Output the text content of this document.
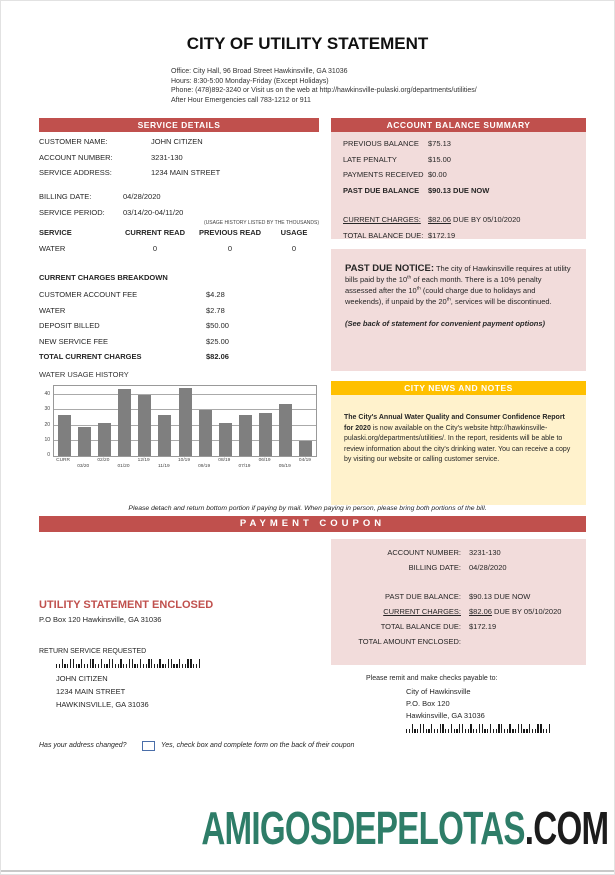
CITY OF UTILITY STATEMENT
Office: City Hall, 96 Broad Street Hawkinsville, GA 31036
Hours: 8:30-5:00 Monday-Friday (Except Holidays)
Phone: (478)892-3240 or Visit us on the web at http://hawkinsville-pulaski.org/departments/utilities/
After Hour Emergencies call 783-1212 or 911
SERVICE DETAILS
CUSTOMER NAME:	JOHN CITIZEN
ACCOUNT NUMBER:	3231-130
SERVICE ADDRESS:	1234 MAIN STREET
BILLING DATE:	04/28/2020
SERVICE PERIOD:	03/14/20-04/11/20
(USAGE HISTORY LISTED BY THE THOUSANDS)
SERVICE	CURRENT READ	PREVIOUS READ	USAGE
WATER	0	0	0
CURRENT CHARGES BREAKDOWN
CUSTOMER ACCOUNT FEE	$4.28
WATER	$2.78
DEPOSIT BILLED	$50.00
NEW SERVICE FEE	$25.00
TOTAL CURRENT CHARGES	$82.06
WATER USAGE HISTORY
0
10
20
30
40
CURR
03/20
02/20
01/20
12/19
11/19
10/19
09/19
08/19
07/19
06/19
05/19
04/19
ACCOUNT BALANCE SUMMARY
PREVIOUS BALANCE	$75.13
LATE PENALTY	$15.00
PAYMENTS RECEIVED $0.00
PAST DUE BALANCE	$90.13 DUE NOW
CURRENT CHARGES: $82.06 DUE BY 05/10/2020
TOTAL BALANCE DUE: $172.19
PAST DUE NOTICE: The city of Hawkinsville requires at utility bills paid by the 10th of each month. There is a 10% penalty assessed after the 10th (could charge due to holidays and weekends), if unpaid by the 20th, services will be discontinued.
(See back of statement for convenient payment options)
CITY NEWS AND NOTES
The City's Annual Water Quality and Consumer Confidence Report for 2020 is now available on the City's website http://hawkinsville-pulaski.org/departments/utilities/. In the report, residents will be able to review information about the city's drinking water. You can receive a copy by visiting our website or calling customer service.
Please detach and return bottom portion if paying by mail. When paying in person, please bring both portions of the bill.
PAYMENT COUPON
ACCOUNT NUMBER:	3231-130
BILLING DATE:	04/28/2020
PAST DUE BALANCE:	$90.13 DUE NOW
CURRENT CHARGES:	$82.06 DUE BY 05/10/2020
TOTAL BALANCE DUE:	$172.19
TOTAL AMOUNT ENCLOSED:
UTILITY STATEMENT ENCLOSED
P.O Box 120 Hawkinsville, GA 31036
RETURN SERVICE REQUESTED
JOHN CITIZEN
1234 MAIN STREET
HAWKINSVILLE, GA 31036
Please remit and make checks payable to:
City of Hawkinsville
P.O. Box 120
Hawkinsville, GA 31036
Has your address changed?	Yes, check box and complete form on the back of their coupon
AMIGOSDEPELOTAS.COM
